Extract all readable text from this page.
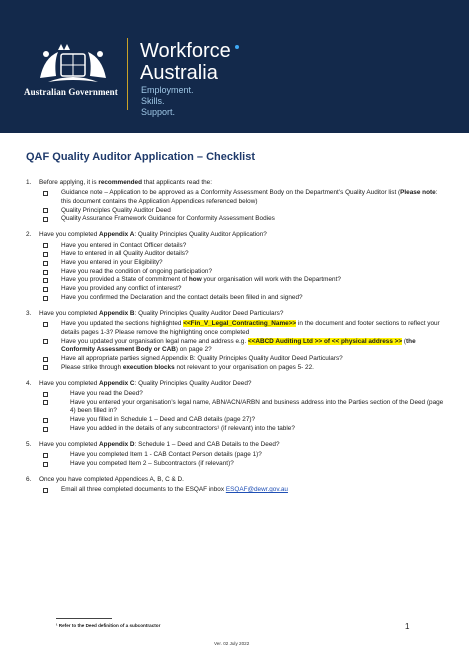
Australian Government
Workforce
Australia
Employment. Skills.
Support.
QAF Quality Auditor Application – Checklist
1. Before applying, it is recommended that applicants read the:
Guidance note – Application to be approved as a Conformity Assessment Body on the Department’s Quality Auditor list (Please note: this document contains the Application Appendices referenced below)
Quality Principles Quality Auditor Deed
Quality Assurance Framework Guidance for Conformity Assessment Bodies
2. Have you completed Appendix A: Quality Principles Quality Auditor Application?
Have you entered in Contact Officer details?
Have to entered in all Quality Auditor details?
Have you entered in your Eligibility?
Have you read the condition of ongoing participation?
Have you provided a State of commitment of how your organisation will work with the Department?
Have you provided any conflict of interest?
Have you confirmed the Declaration and the contact details been filled in and signed?
3. Have you completed Appendix B: Quality Principles Quality Auditor Deed Particulars?
Have you updated the sections highlighted <<Fin_V_Legal_Contracting_Name>> in the document and footer sections to reflect your details pages 1-3? Please remove the highlighting once completed
Have you updated your organisation legal name and address e.g. <<ABCD Auditing Ltd >> of << physical address >> (the Conformity Assessment Body or CAB) on page 2?
Have all appropriate parties signed Appendix B: Quality Principles Quality Auditor Deed Particulars?
Please strike through execution blocks not relevant to your organisation on pages 5- 22.
4. Have you completed Appendix C: Quality Principles Quality Auditor Deed?
Have you read the Deed?
Have you entered your organisation’s legal name, ABN/ACN/ARBN and business address into the Parties section of the Deed (page 4) been filled in?
Have you filled in Schedule 1 – Deed and CAB details (page 27)?
Have you added in the details of any subcontractors¹ (if relevant) into the table?
5. Have you completed Appendix D: Schedule 1 – Deed and CAB Details to the Deed?
Have you completed Item 1 - CAB Contact Person details (page 1)?
Have you competed Item 2 – Subcontractors (if relevant)?
6. Once you have completed Appendices A, B, C & D.
Email all three completed documents to the ESQAF inbox ESQAF@dewr.gov.au
¹ Refer to the Deed definition of a subcontractor	1
Ver. 02 July 2022
